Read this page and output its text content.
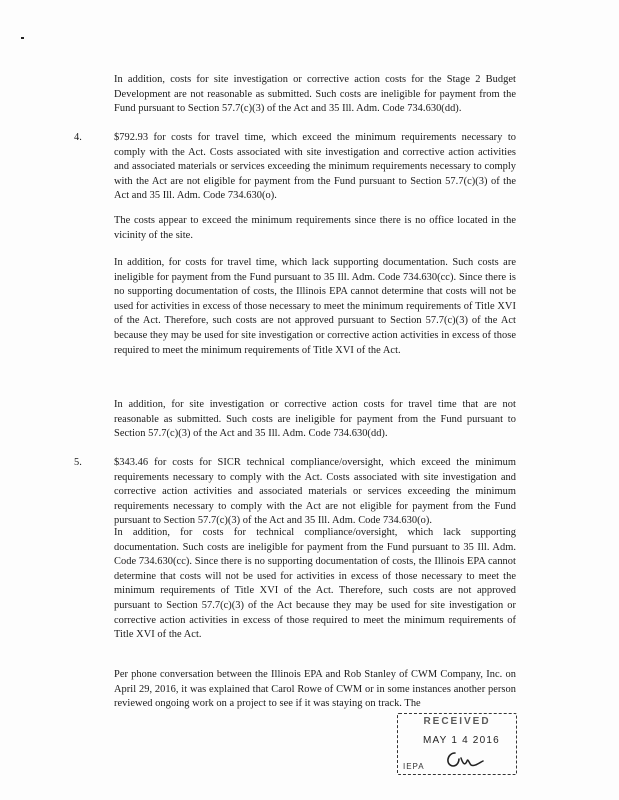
In addition, costs for site investigation or corrective action costs for the Stage 2 Budget Development are not reasonable as submitted. Such costs are ineligible for payment from the Fund pursuant to Section 57.7(c)(3) of the Act and 35 Ill. Adm. Code 734.630(dd).

4.	$792.93 for costs for travel time, which exceed the minimum requirements necessary to comply with the Act. Costs associated with site investigation and corrective action activities and associated materials or services exceeding the minimum requirements necessary to comply with the Act are not eligible for payment from the Fund pursuant to Section 57.7(c)(3) of the Act and 35 Ill. Adm. Code 734.630(o).

The costs appear to exceed the minimum requirements since there is no office located in the vicinity of the site.

In addition, for costs for travel time, which lack supporting documentation. Such costs are ineligible for payment from the Fund pursuant to 35 Ill. Adm. Code 734.630(cc). Since there is no supporting documentation of costs, the Illinois EPA cannot determine that costs will not be used for activities in excess of those necessary to meet the minimum requirements of Title XVI of the Act. Therefore, such costs are not approved pursuant to Section 57.7(c)(3) of the Act because they may be used for site investigation or corrective action activities in excess of those required to meet the minimum requirements of Title XVI of the Act.

In addition, for site investigation or corrective action costs for travel time that are not reasonable as submitted. Such costs are ineligible for payment from the Fund pursuant to Section 57.7(c)(3) of the Act and 35 Ill. Adm. Code 734.630(dd).

5.	$343.46 for costs for SICR technical compliance/oversight, which exceed the minimum requirements necessary to comply with the Act. Costs associated with site investigation and corrective action activities and associated materials or services exceeding the minimum requirements necessary to comply with the Act are not eligible for payment from the Fund pursuant to Section 57.7(c)(3) of the Act and 35 Ill. Adm. Code 734.630(o).

In addition, for costs for technical compliance/oversight, which lack supporting documentation. Such costs are ineligible for payment from the Fund pursuant to 35 Ill. Adm. Code 734.630(cc). Since there is no supporting documentation of costs, the Illinois EPA cannot determine that costs will not be used for activities in excess of those necessary to meet the minimum requirements of Title XVI of the Act. Therefore, such costs are not approved pursuant to Section 57.7(c)(3) of the Act because they may be used for site investigation or corrective action activities in excess of those required to meet the minimum requirements of Title XVI of the Act.

Per phone conversation between the Illinois EPA and Rob Stanley of CWM Company, Inc. on April 29, 2016, it was explained that Carol Rowe of CWM or in some instances another person reviewed ongoing work on a project to see if it was staying on track. The

RECEIVED
MAY 1 4 2016
IEPA
